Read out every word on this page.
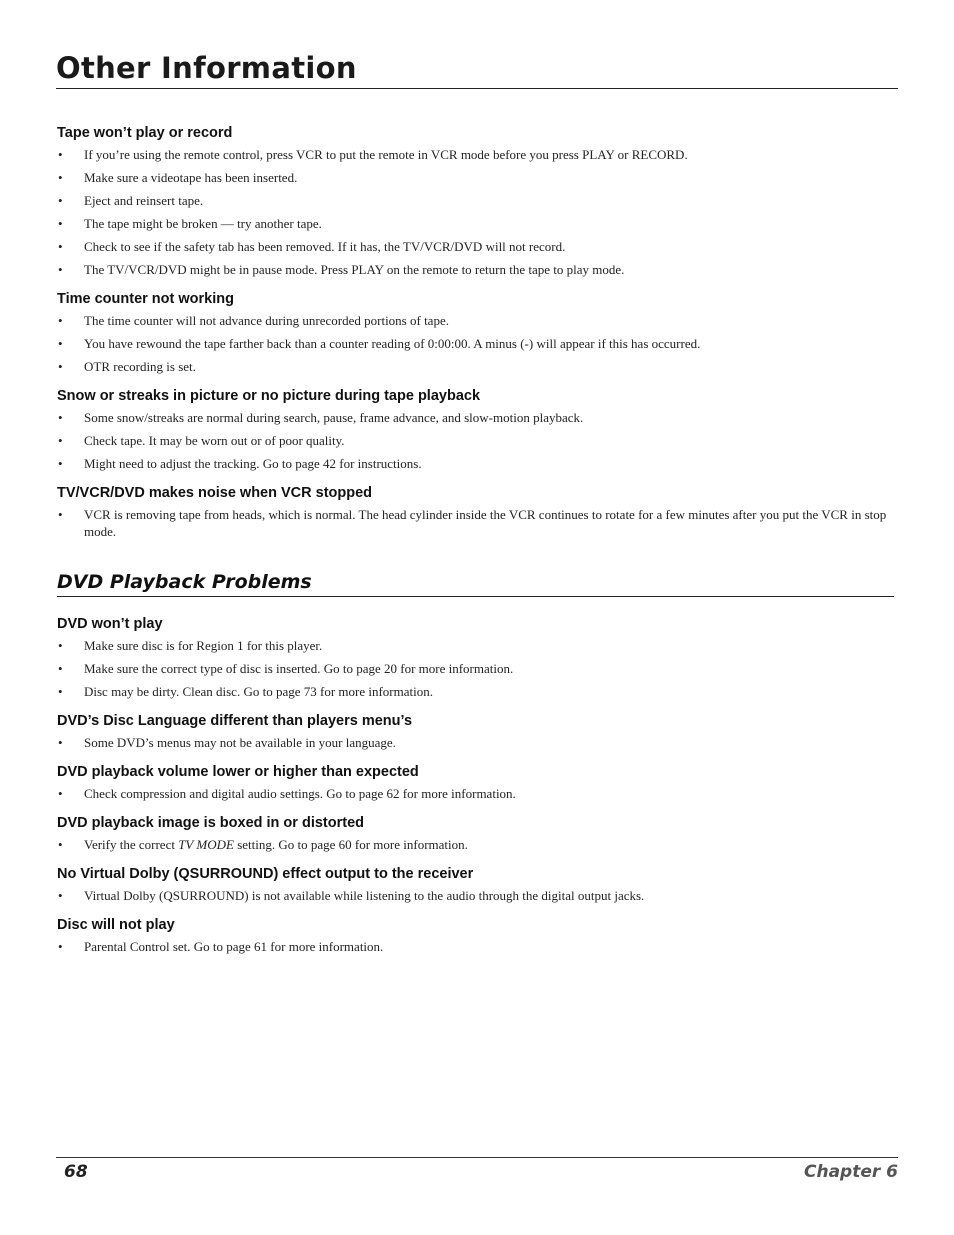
Other Information
Tape won’t play or record
• If you’re using the remote control, press VCR to put the remote in VCR mode before you press PLAY or RECORD.
• Make sure a videotape has been inserted.
• Eject and reinsert tape.
• The tape might be broken — try another tape.
• Check to see if the safety tab has been removed. If it has, the TV/VCR/DVD will not record.
• The TV/VCR/DVD might be in pause mode. Press PLAY on the remote to return the tape to play mode.
Time counter not working
• The time counter will not advance during unrecorded portions of tape.
• You have rewound the tape farther back than a counter reading of 0:00:00. A minus (-) will appear if this has occurred.
• OTR recording is set.
Snow or streaks in picture or no picture during tape playback
• Some snow/streaks are normal during search, pause, frame advance, and slow-motion playback.
• Check tape. It may be worn out or of poor quality.
• Might need to adjust the tracking. Go to page 42 for instructions.
TV/VCR/DVD makes noise when VCR stopped
• VCR is removing tape from heads, which is normal. The head cylinder inside the VCR continues to rotate for a few minutes after you put the VCR in stop mode.
DVD Playback Problems
DVD won’t play
• Make sure disc is for Region 1 for this player.
• Make sure the correct type of disc is inserted. Go to page 20 for more information.
• Disc may be dirty. Clean disc. Go to page 73 for more information.
DVD’s Disc Language different than players menu’s
• Some DVD’s menus may not be available in your language.
DVD playback volume lower or higher than expected
• Check compression and digital audio settings. Go to page 62 for more information.
DVD playback image is boxed in or distorted
• Verify the correct TV MODE setting. Go to page 60 for more information.
No Virtual Dolby (QSURROUND) effect output to the receiver
• Virtual Dolby (QSURROUND) is not available while listening to the audio through the digital output jacks.
Disc will not play
• Parental Control set. Go to page 61 for more information.
68	Chapter 6
